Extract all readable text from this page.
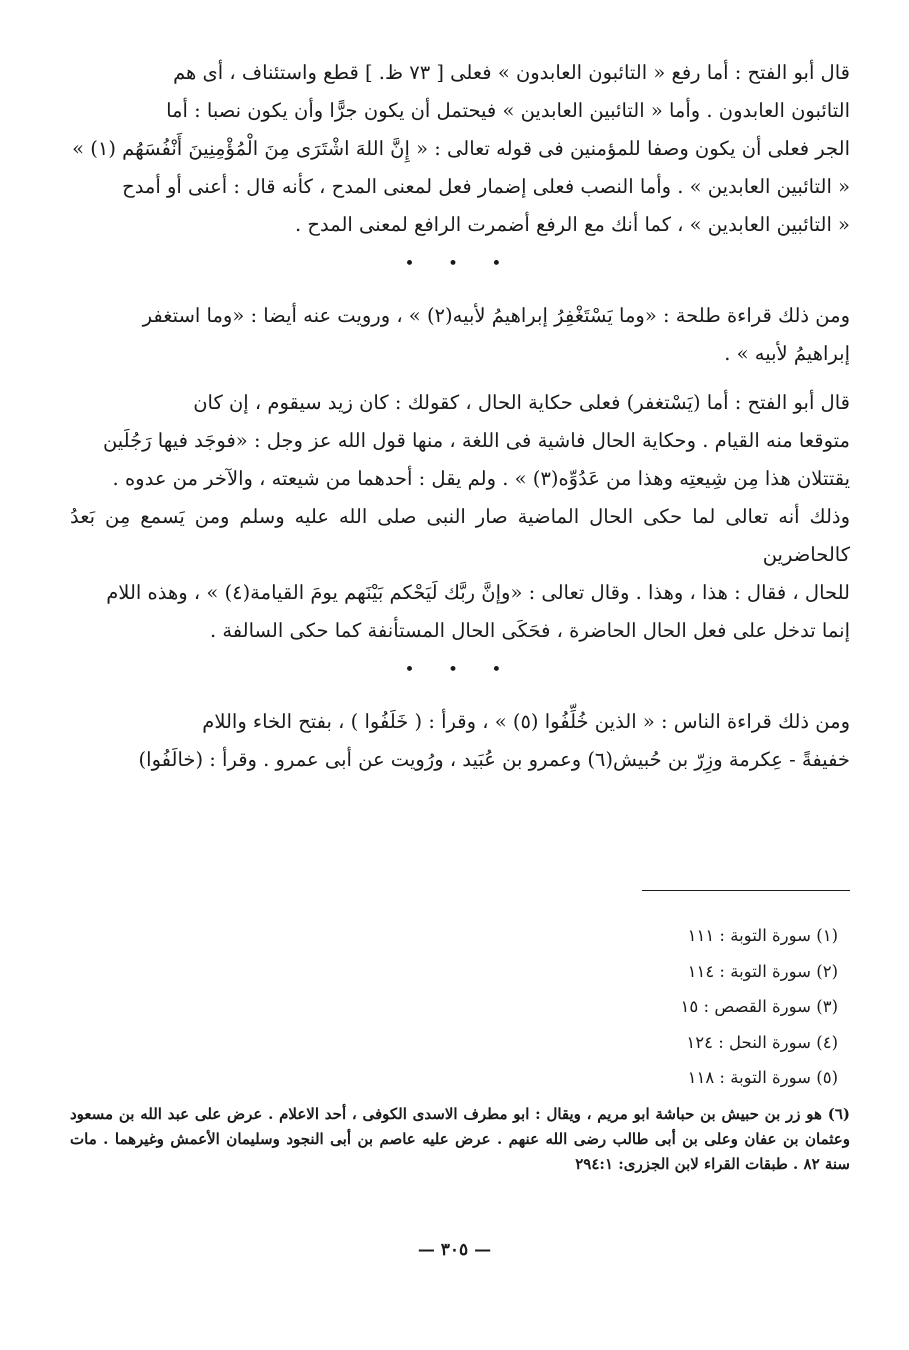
قال أبو الفتح : أما رفع « التائبون العابدون » فعلى [ ٧٣ ظ. ] قطع واستئناف ، أى هم

التائبون العابدون . وأما « التائبين العابدين » فيحتمل أن يكون جرًّا وأن يكون نصبا : أما

الجر فعلى أن يكون وصفا للمؤمنين فى قوله تعالى : « إِنَّ اللهَ اشْتَرَى مِنَ الْمُؤْمِنِينَ أَنْفُسَهُم (١) »

« التائبين العابدين » . وأما النصب فعلى إضمار فعل لمعنى المدح ، كأنه قال : أعنى أو أمدح

« التائبين العابدين » ، كما أنك مع الرفع أضمرت الرافع لمعنى المدح .

• • •

ومن ذلك قراءة طلحة : «وما يَسْتَغْفِرُ إبراهيمُ لأبيه(٢) » ، ورويت عنه أيضا : «وما استغفر

إبراهيمُ لأبيه » .

قال أبو الفتح : أما (يَسْتغفر) فعلى حكاية الحال ، كقولك : كان زيد سيقوم ، إن كان

متوقعا منه القيام . وحكاية الحال فاشية فى اللغة ، منها قول الله عز وجل : «فوجَد فيها رَجُلَين

يقتتلان هذا مِن شِيعتِه وهذا من عَدُوِّه(٣) » . ولم يقل : أحدهما من شيعته ، والآخر من عدوه .

وذلك أنه تعالى لما حكى الحال الماضية صار النبى صلى الله عليه وسلم ومن يَسمع مِن بَعدُ كالحاضرين

للحال ، فقال : هذا ، وهذا . وقال تعالى : «وإنَّ ربَّك لَيَحْكم بَيْنَهم يومَ القيامة(٤) » ، وهذه اللام

إنما تدخل على فعل الحال الحاضرة ، فحَكَى الحال المستأنفة كما حكى السالفة .

• • •

ومن ذلك قراءة الناس : « الذين خُلِّفُوا (٥) » ، وقرأ : ( خَلَفُوا ) ، بفتح الخاء واللام

خفيفةً - عِكرمة وزِرّ بن حُبيش(٦) وعمرو بن عُبَيد ، ورُويت عن أبى عمرو . وقرأ : (خالَفُوا)

(١) سورة التوبة : ١١١

(٢) سورة التوبة : ١١٤

(٣) سورة القصص : ١٥

(٤) سورة النحل : ١٢٤

(٥) سورة التوبة : ١١٨

(٦) هو زر بن حبيش بن حباشة ابو مريم ، ويقال : ابو مطرف الاسدى الكوفى ، أحد الاعلام . عرض على عبد الله بن مسعود وعثمان بن عفان وعلى بن أبى طالب رضى الله عنهم . عرض عليه عاصم بن أبى النجود وسليمان الأعمش وغيرهما . مات سنة ٨٢ . طبقات القراء لابن الجزرى: ٢٩٤:١

— ٣٠٥ —
